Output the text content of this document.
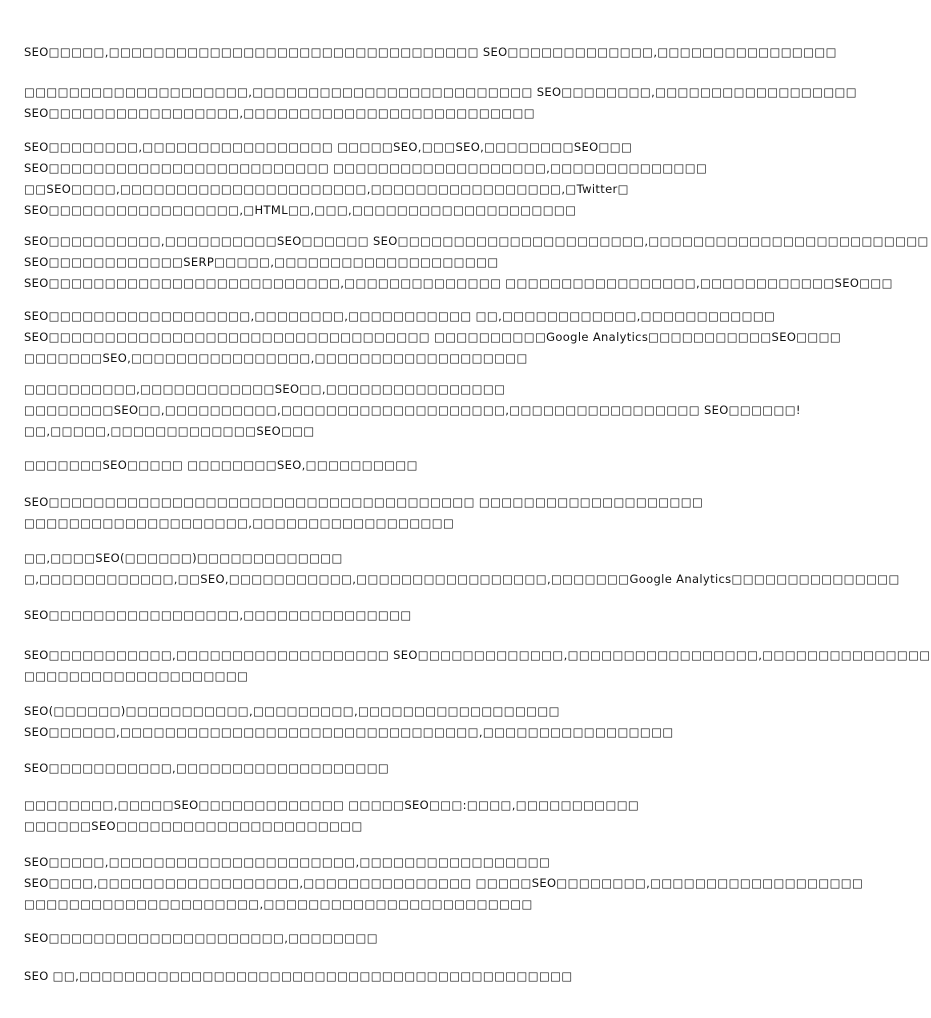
SEO□□□□□,□□□□□□□□□□□□□□□□□□□□□□□□□□□□□□□□□ SEO□□□□□□□□□□□□□,□□□□□□□□□□□□□□□□
□□□□□□□□□□□□□□□□□□□□,□□□□□□□□□□□□□□□□□□□□□□□□□ SEO□□□□□□□□,□□□□□□□□□□□□□□□□□□
SEO□□□□□□□□□□□□□□□□□,□□□□□□□□□□□□□□□□□□□□□□□□□□
SEO□□□□□□□□,□□□□□□□□□□□□□□□□□ □□□□□SEO,□□□SEO,□□□□□□□□SEO□□□
SEO□□□□□□□□□□□□□□□□□□□□□□□□□ □□□□□□□□□□□□□□□□□□□,□□□□□□□□□□□□□□
□□SEO□□□□,□□□□□□□□□□□□□□□□□□□□□□,□□□□□□□□□□□□□□□□□,□Twitter□
SEO□□□□□□□□□□□□□□□□□,□HTML□□,□□□,□□□□□□□□□□□□□□□□□□□□
SEO□□□□□□□□□□,□□□□□□□□□□SEO□□□□□□ SEO□□□□□□□□□□□□□□□□□□□□□□,□□□□□□□□□□□□□□□□□□□□□□□□□
SEO□□□□□□□□□□□□SERP□□□□□,□□□□□□□□□□□□□□□□□□□□
SEO□□□□□□□□□□□□□□□□□□□□□□□□□□,□□□□□□□□□□□□□□ □□□□□□□□□□□□□□□□□,□□□□□□□□□□□□SEO□□□
SEO□□□□□□□□□□□□□□□□□□,□□□□□□□□,□□□□□□□□□□□ □□,□□□□□□□□□□□□,□□□□□□□□□□□□
SEO□□□□□□□□□□□□□□□□□□□□□□□□□□□□□□□□□□ □□□□□□□□□□Google Analytics□□□□□□□□□□□SEO□□□□
□□□□□□□SEO,□□□□□□□□□□□□□□□□,□□□□□□□□□□□□□□□□□□□
□□□□□□□□□□,□□□□□□□□□□□□SEO□□,□□□□□□□□□□□□□□□□
□□□□□□□□SEO□□,□□□□□□□□□□,□□□□□□□□□□□□□□□□□□□□,□□□□□□□□□□□□□□□□□ SEO□□□□□□!
□□,□□□□□,□□□□□□□□□□□□□SEO□□□
□□□□□□□SEO□□□□□ □□□□□□□□SEO,□□□□□□□□□□
SEO□□□□□□□□□□□□□□□□□□□□□□□□□□□□□□□□□□□□□□ □□□□□□□□□□□□□□□□□□□□
□□□□□□□□□□□□□□□□□□□□,□□□□□□□□□□□□□□□□□□
□□,□□□□SEO(□□□□□□)□□□□□□□□□□□□□
□,□□□□□□□□□□□□,□□SEO,□□□□□□□□□□□,□□□□□□□□□□□□□□□□□,□□□□□□□Google Analytics□□□□□□□□□□□□□□□
SEO□□□□□□□□□□□□□□□□□,□□□□□□□□□□□□□□□
SEO□□□□□□□□□□□,□□□□□□□□□□□□□□□□□□□ SEO□□□□□□□□□□□□□,□□□□□□□□□□□□□□□□□,□□□□□□□□□□□□□□□
□□□□□□□□□□□□□□□□□□□□
SEO(□□□□□□)□□□□□□□□□□□,□□□□□□□□□,□□□□□□□□□□□□□□□□□□
SEO□□□□□□,□□□□□□□□□□□□□□□□□□□□□□□□□□□□□□□□,□□□□□□□□□□□□□□□□□
SEO□□□□□□□□□□□,□□□□□□□□□□□□□□□□□□□
□□□□□□□□,□□□□□SEO□□□□□□□□□□□□□ □□□□□SEO□□□:□□□□,□□□□□□□□□□□
□□□□□□SEO□□□□□□□□□□□□□□□□□□□□□□
SEO□□□□□,□□□□□□□□□□□□□□□□□□□□□□,□□□□□□□□□□□□□□□□□
SEO□□□□,□□□□□□□□□□□□□□□□□□,□□□□□□□□□□□□□□□ □□□□□SEO□□□□□□□□,□□□□□□□□□□□□□□□□□□□
□□□□□□□□□□□□□□□□□□□□□,□□□□□□□□□□□□□□□□□□□□□□□□
SEO□□□□□□□□□□□□□□□□□□□□□,□□□□□□□□
SEO □□,□□□□□□□□□□□□□□□□□□□□□□□□□□□□□□□□□□□□□□□□□□□□
